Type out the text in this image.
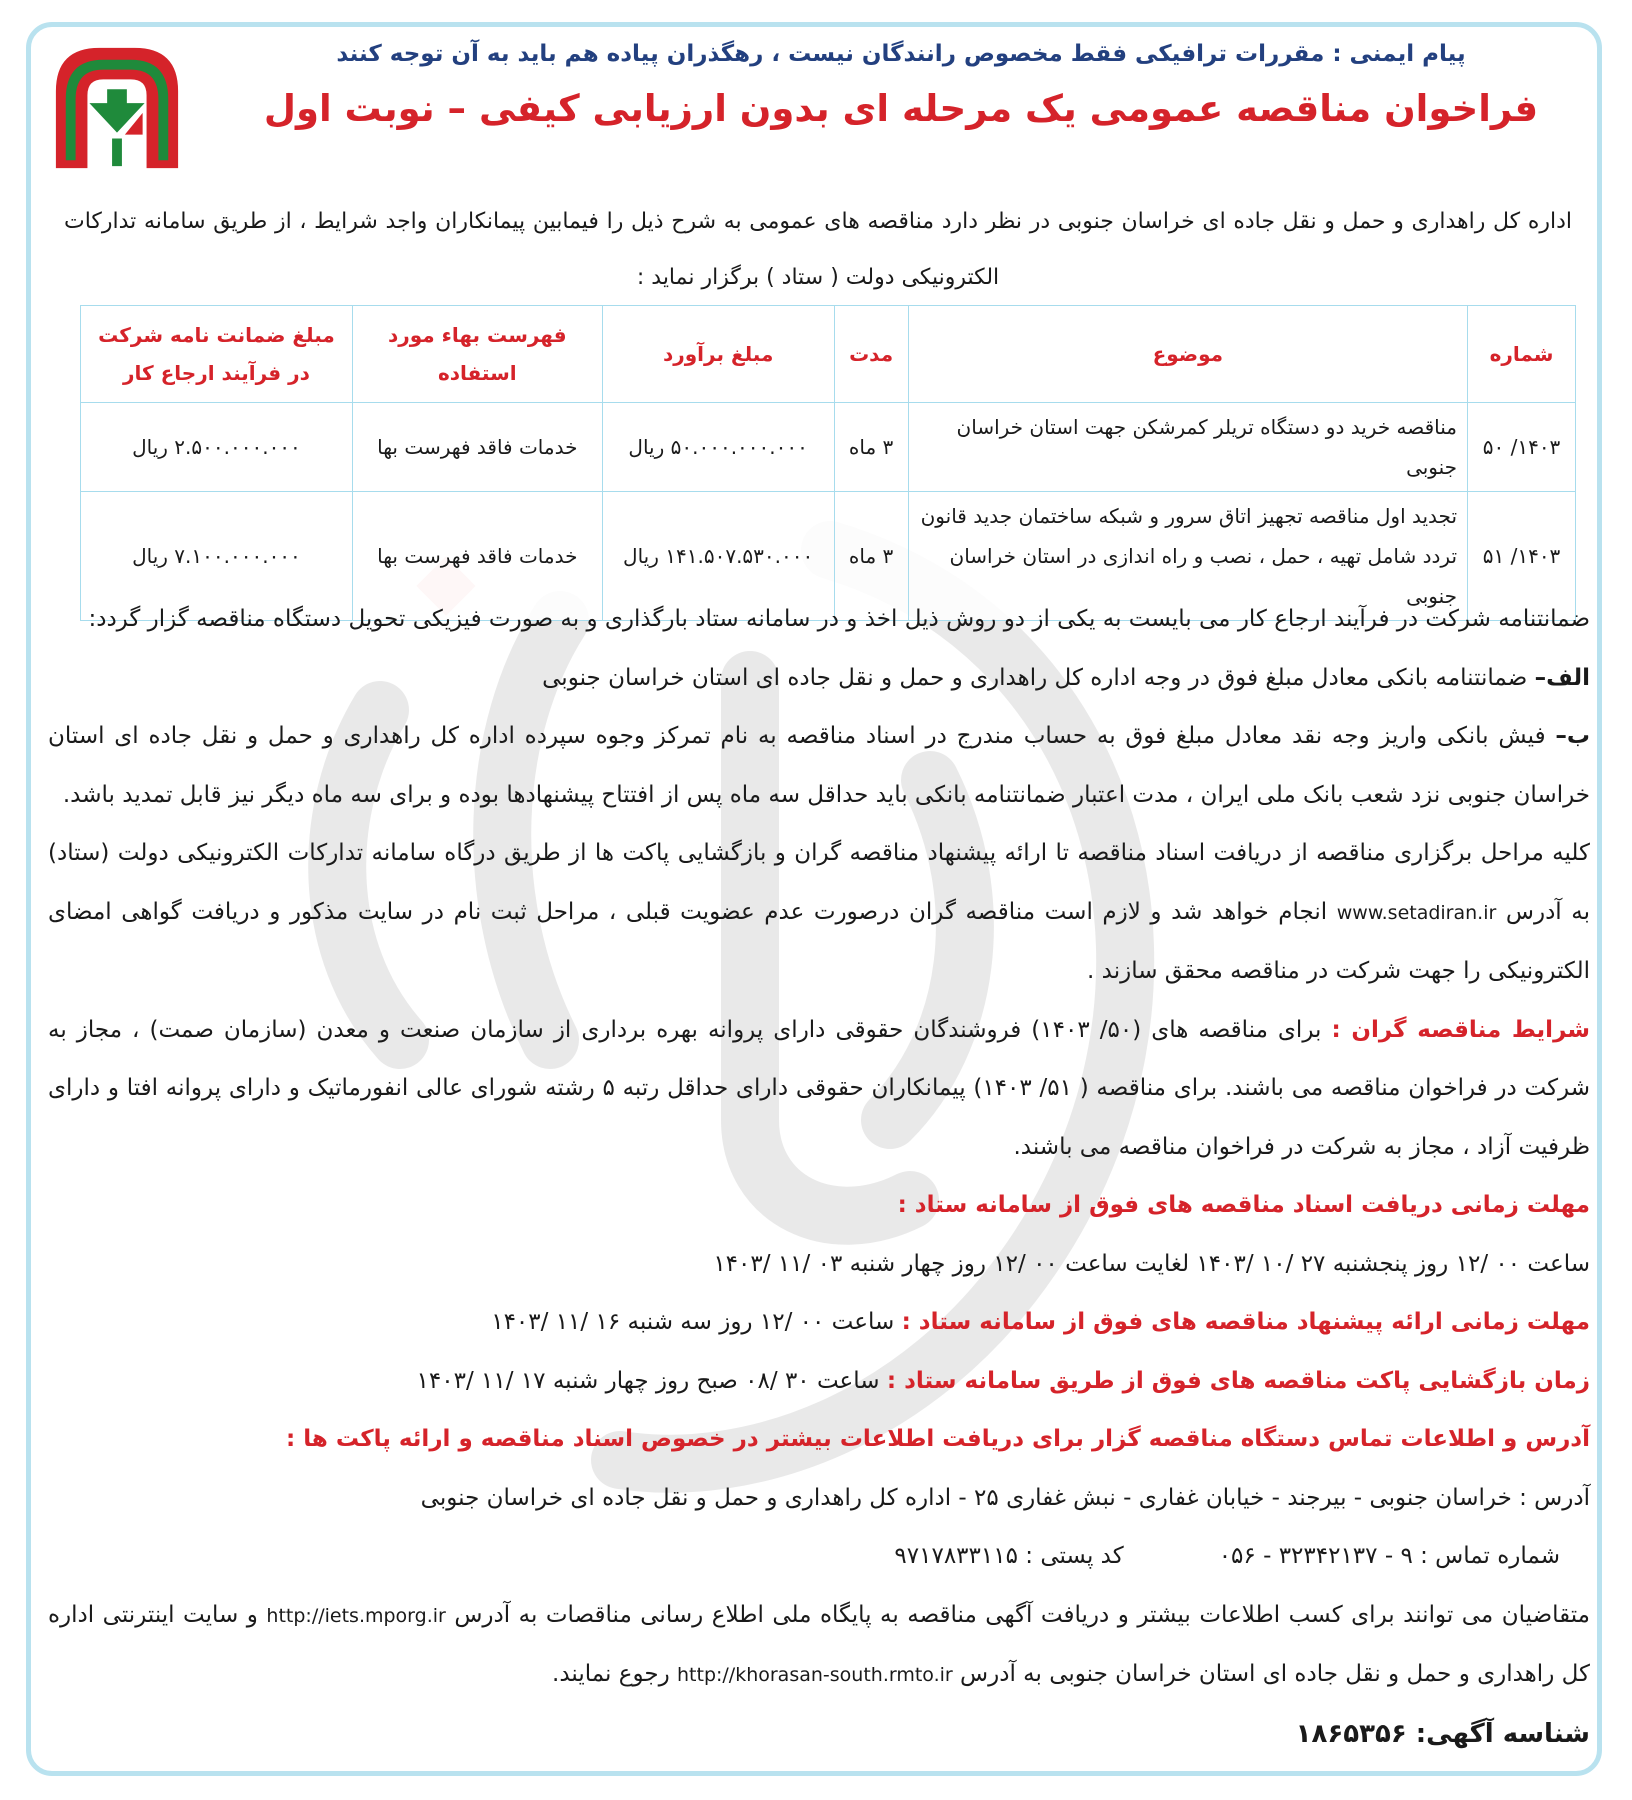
پیام ایمنی : مقررات ترافیکی فقط مخصوص رانندگان نیست ، رهگذران پیاده هم باید به آن توجه کنند
فراخوان مناقصه عمومی یک مرحله ای بدون ارزیابی کیفی – نوبت اول
اداره کل راهداری و حمل و نقل جاده ای خراسان جنوبی در نظر دارد مناقصه های عمومی به شرح ذیل را فیمابین پیمانکاران واجد شرایط ، از طریق سامانه تدارکات الکترونیکی دولت ( ستاد ) برگزار نماید :
شماره	موضوع	مدت	مبلغ برآورد	فهرست بهاء مورد استفاده	مبلغ ضمانت نامه شرکت
در فرآیند ارجاع کار
۱۴۰۳/ ۵۰	مناقصه خرید دو دستگاه تریلر کمرشکن جهت استان خراسان جنوبی	۳ ماه	۵۰.۰۰۰.۰۰۰.۰۰۰ ریال	خدمات فاقد فهرست بها	۲.۵۰۰.۰۰۰.۰۰۰ ریال
۱۴۰۳/ ۵۱	تجدید اول مناقصه تجهیز اتاق سرور و شبکه ساختمان جدید قانون
تردد شامل تهیه ، حمل ، نصب و راه اندازی در استان خراسان جنوبی	۳ ماه	۱۴۱.۵۰۷.۵۳۰.۰۰۰ ریال	خدمات فاقد فهرست بها	۷.۱۰۰.۰۰۰.۰۰۰ ریال

ضمانتنامه شرکت در فرآیند ارجاع کار می بایست به یکی از دو روش ذیل اخذ و در سامانه ستاد بارگذاری و به صورت فیزیکی تحویل دستگاه مناقصه گزار گردد:

الف– ضمانتنامه بانکی معادل مبلغ فوق در وجه اداره کل راهداری و حمل و نقل جاده ای استان خراسان جنوبی

ب– فیش بانکی واریز وجه نقد معادل مبلغ فوق به حساب مندرج در اسناد مناقصه به نام تمرکز وجوه سپرده اداره کل راهداری و حمل و نقل جاده ای استان خراسان جنوبی نزد شعب بانک ملی ایران ، مدت اعتبار ضمانتنامه بانکی باید حداقل سه ماه پس از افتتاح پیشنهادها بوده و برای سه ماه دیگر نیز قابل تمدید باشد.

کلیه مراحل برگزاری مناقصه از دریافت اسناد مناقصه تا ارائه پیشنهاد مناقصه گران و بازگشایی پاکت ها از طریق درگاه سامانه تدارکات الکترونیکی دولت (ستاد) به آدرس www.setadiran.ir انجام خواهد شد و لازم است مناقصه گران درصورت عدم عضویت قبلی ، مراحل ثبت نام در سایت مذکور و دریافت گواهی امضای الکترونیکی را جهت شرکت در مناقصه محقق سازند .

شرایط مناقصه گران : برای مناقصه های (۵۰/ ۱۴۰۳) فروشندگان حقوقی دارای پروانه بهره برداری از سازمان صنعت و معدن (سازمان صمت) ، مجاز به شرکت در فراخوان مناقصه می باشند. برای مناقصه ( ۵۱/ ۱۴۰۳) پیمانکاران حقوقی دارای حداقل رتبه ۵ رشته شورای عالی انفورماتیک و دارای پروانه افتا و دارای ظرفیت آزاد ، مجاز به شرکت در فراخوان مناقصه می باشند.

مهلت زمانی دریافت اسناد مناقصه های فوق از سامانه ستاد :

ساعت ۰۰ /۱۲ روز پنجشنبه ۲۷ /۱۰ /۱۴۰۳ لغایت ساعت ۰۰ /۱۲ روز چهار شنبه ۰۳ /۱۱ /۱۴۰۳

مهلت زمانی ارائه پیشنهاد مناقصه های فوق از سامانه ستاد : ساعت ۰۰ /۱۲ روز سه شنبه ۱۶ /۱۱ /۱۴۰۳

زمان بازگشایی پاکت مناقصه های فوق از طریق سامانه ستاد : ساعت ۳۰ /۰۸ صبح روز چهار شنبه ۱۷ /۱۱ /۱۴۰۳

آدرس و اطلاعات تماس دستگاه مناقصه گزار برای دریافت اطلاعات بیشتر در خصوص اسناد مناقصه و ارائه پاکت ها :

آدرس : خراسان جنوبی - بیرجند - خیابان غفاری - نبش غفاری ۲۵ - اداره کل راهداری و حمل و نقل جاده ای خراسان جنوبی

شماره تماس : ۹ - ۳۲۳۴۲۱۳۷ - ۰۵۶کد پستی : ۹۷۱۷۸۳۳۱۱۵

متقاضیان می توانند برای کسب اطلاعات بیشتر و دریافت آگهی مناقصه به پایگاه ملی اطلاع رسانی مناقصات به آدرس http://iets.mporg.ir و سایت اینترنتی اداره کل راهداری و حمل و نقل جاده ای استان خراسان جنوبی به آدرس http://khorasan-south.rmto.ir رجوع نمایند.

شناسه آگهی: ۱۸۶۵۳۵۶
